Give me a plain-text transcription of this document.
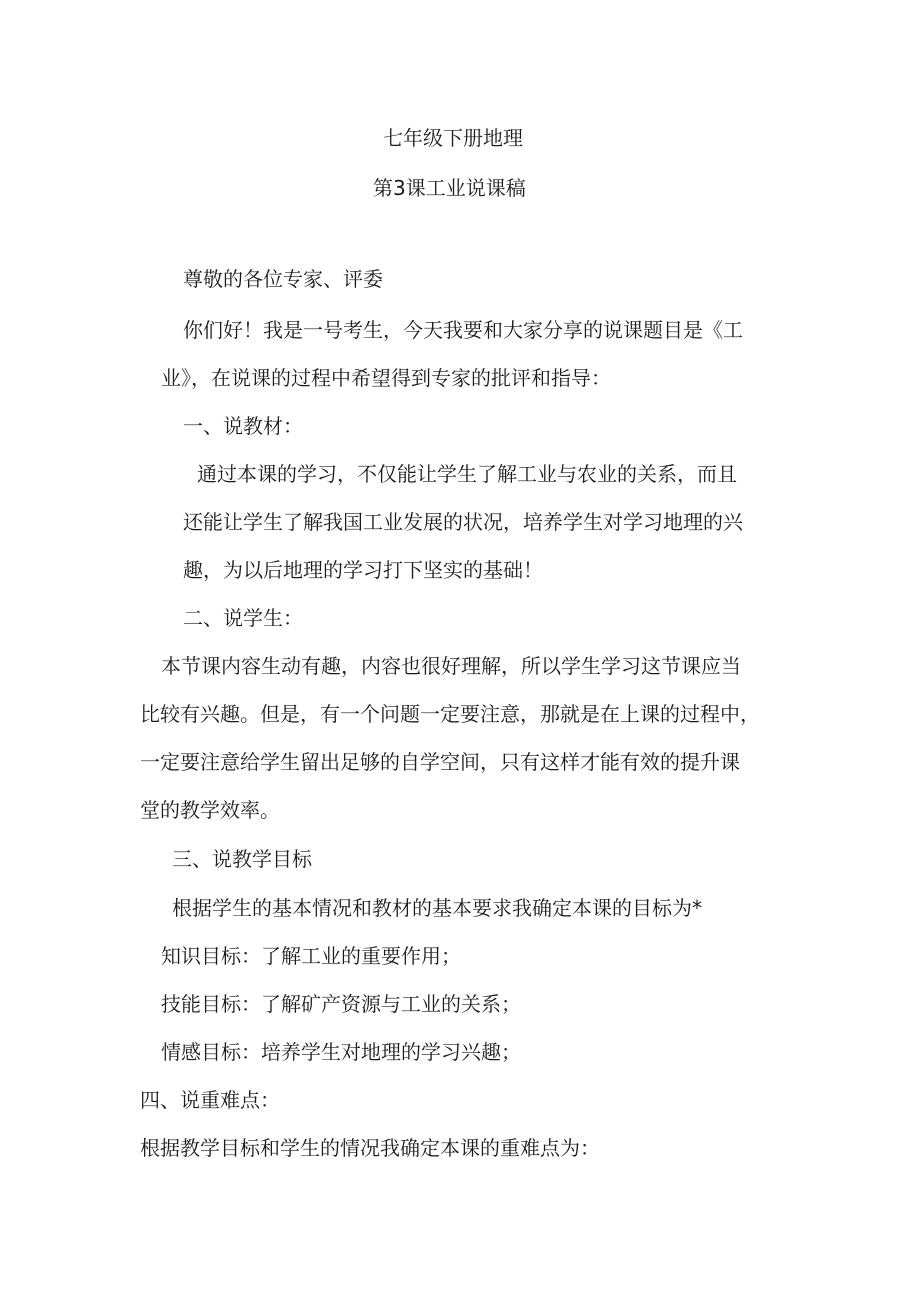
七年级下册地理
第3课工业说课稿
尊敬的各位专家、评委
你们好！我是一号考生，今天我要和大家分享的说课题目是《工
业》，在说课的过程中希望得到专家的批评和指导：
一、说教材：
通过本课的学习，不仅能让学生了解工业与农业的关系，而且
还能让学生了解我国工业发展的状况，培养学生对学习地理的兴
趣，为以后地理的学习打下坚实的基础！
二、说学生：
本节课内容生动有趣，内容也很好理解，所以学生学习这节课应当
比较有兴趣。但是，有一个问题一定要注意，那就是在上课的过程中，
一定要注意给学生留出足够的自学空间，只有这样才能有效的提升课
堂的教学效率。
三、说教学目标
根据学生的基本情况和教材的基本要求我确定本课的目标为*
知识目标：了解工业的重要作用；
技能目标：了解矿产资源与工业的关系；
情感目标：培养学生对地理的学习兴趣；
四、说重难点：
根据教学目标和学生的情况我确定本课的重难点为：
